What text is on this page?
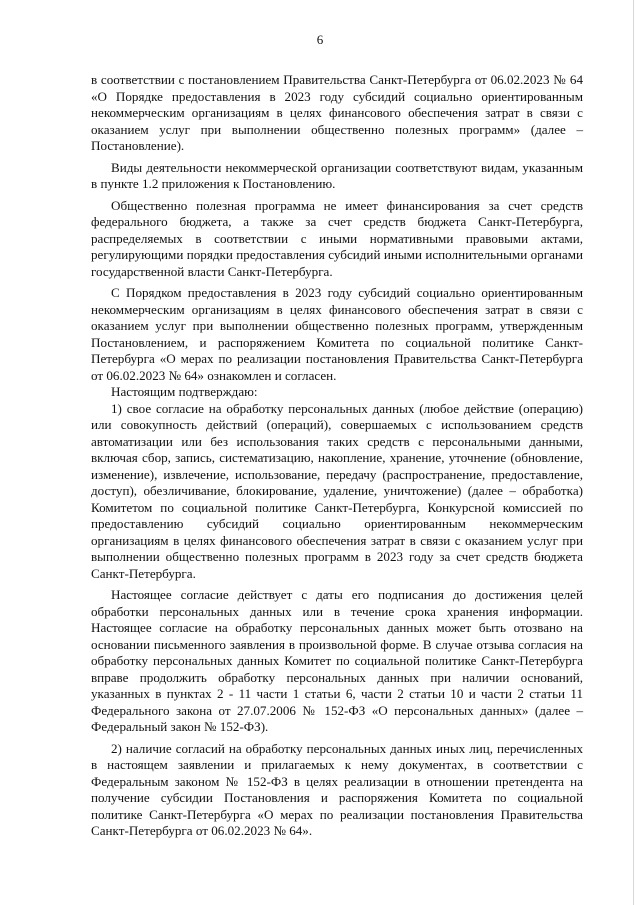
6

в соответствии с постановлением Правительства Санкт-Петербурга от 06.02.2023 № 64 «О Порядке предоставления в 2023 году субсидий социально ориентированным некоммерческим организациям в целях финансового обеспечения затрат в связи с оказанием услуг при выполнении общественно полезных программ» (далее – Постановление).

Виды деятельности некоммерческой организации соответствуют видам, указанным в пункте 1.2 приложения к Постановлению.

Общественно полезная программа не имеет финансирования за счет средств федерального бюджета, а также за счет средств бюджета Санкт-Петербурга, распределяемых в соответствии с иными нормативными правовыми актами, регулирующими порядки предоставления субсидий иными исполнительными органами государственной власти Санкт-Петербурга.

С Порядком предоставления в 2023 году субсидий социально ориентированным некоммерческим организациям в целях финансового обеспечения затрат в связи с оказанием услуг при выполнении общественно полезных программ, утвержденным Постановлением, и распоряжением Комитета по социальной политике Санкт-Петербурга «О мерах по реализации постановления Правительства Санкт-Петербурга от 06.02.2023 № 64» ознакомлен и согласен.

Настоящим подтверждаю:

1) свое согласие на обработку персональных данных (любое действие (операцию) или совокупность действий (операций), совершаемых с использованием средств автоматизации или без использования таких средств с персональными данными, включая сбор, запись, систематизацию, накопление, хранение, уточнение (обновление, изменение), извлечение, использование, передачу (распространение, предоставление, доступ), обезличивание, блокирование, удаление, уничтожение) (далее – обработка) Комитетом по социальной политике Санкт-Петербурга, Конкурсной комиссией по предоставлению субсидий социально ориентированным некоммерческим организациям в целях финансового обеспечения затрат в связи с оказанием услуг при выполнении общественно полезных программ в 2023 году за счет средств бюджета Санкт-Петербурга.

Настоящее согласие действует с даты его подписания до достижения целей обработки персональных данных или в течение срока хранения информации. Настоящее согласие на обработку персональных данных может быть отозвано на основании письменного заявления в произвольной форме. В случае отзыва согласия на обработку персональных данных Комитет по социальной политике Санкт-Петербурга вправе продолжить обработку персональных данных при наличии оснований, указанных в пунктах 2 - 11 части 1 статьи 6, части 2 статьи 10 и части 2 статьи 11 Федерального закона от 27.07.2006 № 152-ФЗ «О персональных данных» (далее – Федеральный закон № 152-ФЗ).

2) наличие согласий на обработку персональных данных иных лиц, перечисленных в настоящем заявлении и прилагаемых к нему документах, в соответствии с Федеральным законом № 152-ФЗ в целях реализации в отношении претендента на получение субсидии Постановления и распоряжения Комитета по социальной политике Санкт-Петербурга «О мерах по реализации постановления Правительства Санкт-Петербурга от 06.02.2023 № 64».
